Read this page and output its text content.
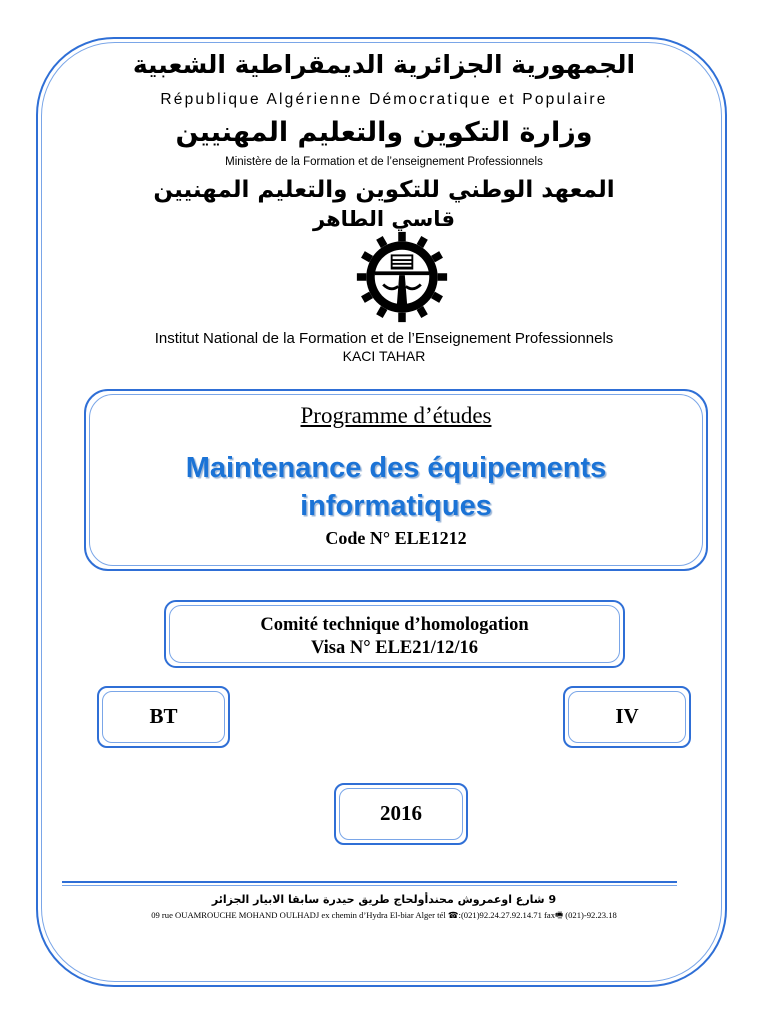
الجمهورية الجزائرية الديمقراطية الشعبية
République Algérienne Démocratique et Populaire
وزارة التكوين والتعليم المهنيين
Ministère de la Formation et de l’enseignement Professionnels
المعهد الوطني للتكوين والتعليم المهنيين
قاسي الطاهر
Institut National de la Formation et de l’Enseignement Professionnels
KACI TAHAR
Programme d’études
Maintenance des équipements
informatiques
Code N° ELE1212
Comité technique d’homologation
Visa N° ELE21/12/16
BT	IV
2016
9 شارع اوعمروش محندأولحاج طريق حيدرة سابقا الابيار الجزائر
09 rue OUAMROUCHE MOHAND OULHADJ ex chemin d’Hydra El-biar Alger tél ☎:(021)92.24.27.92.14.71 fax🖷 (021)-92.23.18
